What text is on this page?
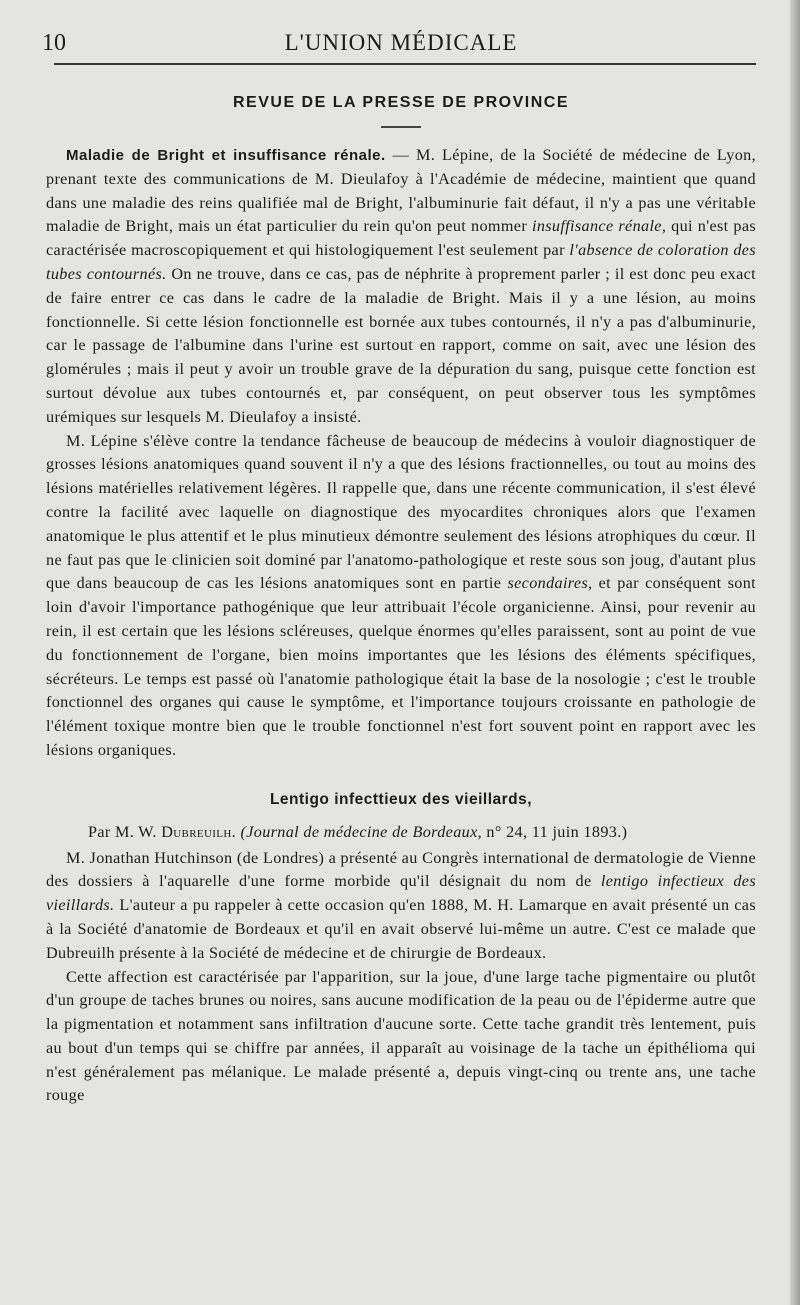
10	L'UNION MÉDICALE
REVUE DE LA PRESSE DE PROVINCE

Maladie de Bright et insuffisance rénale. — M. Lépine, de la Société de médecine de Lyon, prenant texte des communications de M. Dieulafoy à l'Académie de médecine, maintient que quand dans une maladie des reins qualifiée mal de Bright, l'albuminurie fait défaut, il n'y a pas une véritable maladie de Bright, mais un état particulier du rein qu'on peut nommer insuffisance rénale, qui n'est pas caractérisée macroscopiquement et qui histologiquement l'est seulement par l'absence de coloration des tubes contournés. On ne trouve, dans ce cas, pas de néphrite à proprement parler ; il est donc peu exact de faire entrer ce cas dans le cadre de la maladie de Bright. Mais il y a une lésion, au moins fonctionnelle. Si cette lésion fonctionnelle est bornée aux tubes contournés, il n'y a pas d'albuminurie, car le passage de l'albumine dans l'urine est surtout en rapport, comme on sait, avec une lésion des glomérules ; mais il peut y avoir un trouble grave de la dépuration du sang, puisque cette fonction est surtout dévolue aux tubes contournés et, par conséquent, on peut observer tous les symptômes urémiques sur lesquels M. Dieulafoy a insisté.

M. Lépine s'élève contre la tendance fâcheuse de beaucoup de médecins à vouloir diagnostiquer de grosses lésions anatomiques quand souvent il n'y a que des lésions fractionnelles, ou tout au moins des lésions matérielles relativement légères. Il rappelle que, dans une récente communication, il s'est élevé contre la facilité avec laquelle on diagnostique des myocardites chroniques alors que l'examen anatomique le plus attentif et le plus minutieux démontre seulement des lésions atrophiques du cœur. Il ne faut pas que le clinicien soit dominé par l'anatomo-pathologique et reste sous son joug, d'autant plus que dans beaucoup de cas les lésions anatomiques sont en partie secondaires, et par conséquent sont loin d'avoir l'importance pathogénique que leur attribuait l'école organicienne. Ainsi, pour revenir au rein, il est certain que les lésions scléreuses, quelque énormes qu'elles paraissent, sont au point de vue du fonctionnement de l'organe, bien moins importantes que les lésions des éléments spécifiques, sécréteurs. Le temps est passé où l'anatomie pathologique était la base de la nosologie ; c'est le trouble fonctionnel des organes qui cause le symptôme, et l'importance toujours croissante en pathologie de l'élément toxique montre bien que le trouble fonctionnel n'est fort souvent point en rapport avec les lésions organiques.

Lentigo infecttieux des vieillards,
Par M. W. Dubreuilh. (Journal de médecine de Bordeaux, n° 24, 11 juin 1893.)

M. Jonathan Hutchinson (de Londres) a présenté au Congrès international de dermatologie de Vienne des dossiers à l'aquarelle d'une forme morbide qu'il désignait du nom de lentigo infectieux des vieillards. L'auteur a pu rappeler à cette occasion qu'en 1888, M. H. Lamarque en avait présenté un cas à la Société d'anatomie de Bordeaux et qu'il en avait observé lui-même un autre. C'est ce malade que Dubreuilh présente à la Société de médecine et de chirurgie de Bordeaux.

Cette affection est caractérisée par l'apparition, sur la joue, d'une large tache pigmentaire ou plutôt d'un groupe de taches brunes ou noires, sans aucune modification de la peau ou de l'épiderme autre que la pigmentation et notamment sans infiltration d'aucune sorte. Cette tache grandit très lentement, puis au bout d'un temps qui se chiffre par années, il apparaît au voisinage de la tache un épithélioma qui n'est généralement pas mélanique. Le malade présenté a, depuis vingt-cinq ou trente ans, une tache rouge
